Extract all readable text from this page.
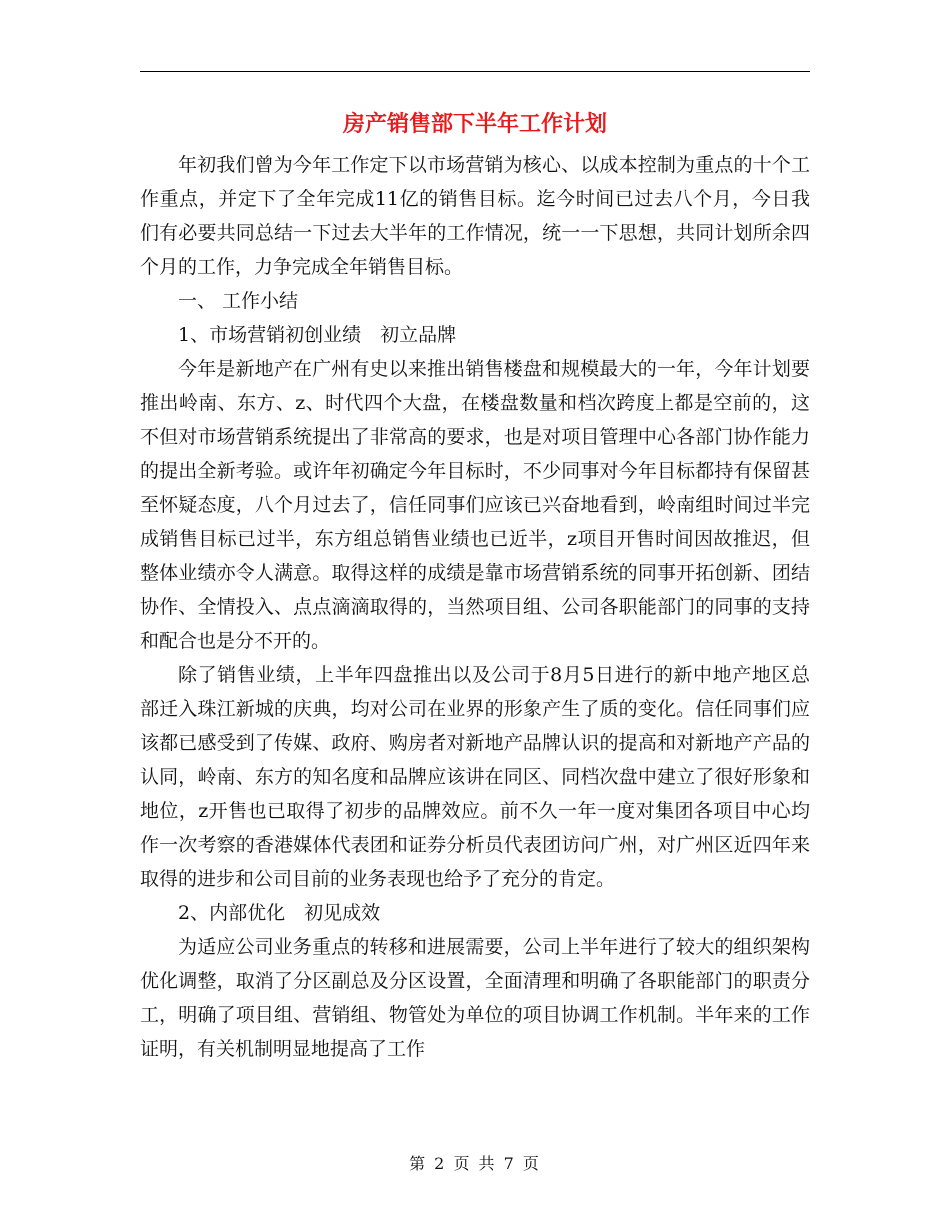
房产销售部下半年工作计划

年初我们曾为今年工作定下以市场营销为核心、以成本控制为重点的十个工作重点，并定下了全年完成11亿的销售目标。迄今时间已过去八个月，今日我们有必要共同总结一下过去大半年的工作情况，统一一下思想，共同计划所余四个月的工作，力争完成全年销售目标。

一、 工作小结

1、市场营销初创业绩　初立品牌

今年是新地产在广州有史以来推出销售楼盘和规模最大的一年，今年计划要推出岭南、东方、z、时代四个大盘，在楼盘数量和档次跨度上都是空前的，这不但对市场营销系统提出了非常高的要求，也是对项目管理中心各部门协作能力的提出全新考验。或许年初确定今年目标时，不少同事对今年目标都持有保留甚至怀疑态度，八个月过去了，信任同事们应该已兴奋地看到，岭南组时间过半完成销售目标已过半，东方组总销售业绩也已近半，z项目开售时间因故推迟，但整体业绩亦令人满意。取得这样的成绩是靠市场营销系统的同事开拓创新、团结协作、全情投入、点点滴滴取得的，当然项目组、公司各职能部门的同事的支持和配合也是分不开的。

除了销售业绩，上半年四盘推出以及公司于8月5日进行的新中地产地区总部迁入珠江新城的庆典，均对公司在业界的形象产生了质的变化。信任同事们应该都已感受到了传媒、政府、购房者对新地产品牌认识的提高和对新地产产品的认同，岭南、东方的知名度和品牌应该讲在同区、同档次盘中建立了很好形象和地位，z开售也已取得了初步的品牌效应。前不久一年一度对集团各项目中心均作一次考察的香港媒体代表团和证券分析员代表团访问广州，对广州区近四年来取得的进步和公司目前的业务表现也给予了充分的肯定。

2、内部优化　初见成效

为适应公司业务重点的转移和进展需要，公司上半年进行了较大的组织架构优化调整，取消了分区副总及分区设置，全面清理和明确了各职能部门的职责分工，明确了项目组、营销组、物管处为单位的项目协调工作机制。半年来的工作证明，有关机制明显地提高了工作

第 2 页 共 7 页
